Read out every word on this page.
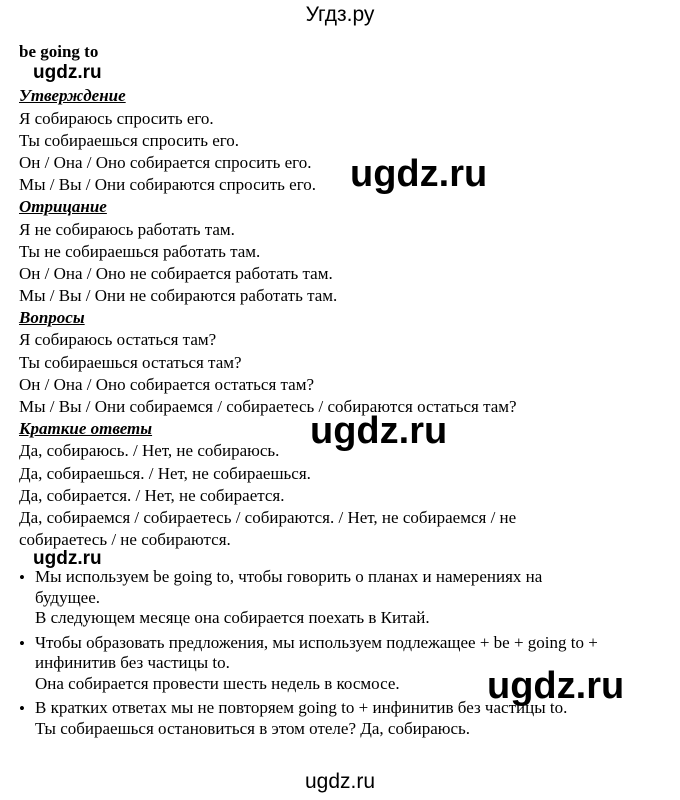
Угдз.ру
be going to
Утверждение
Я собираюсь спросить его.
Ты собираешься спросить его.
Он / Она / Оно собирается спросить его.
Мы / Вы / Они собираются спросить его.
Отрицание
Я не собираюсь работать там.
Ты не собираешься работать там.
Он / Она / Оно не собирается работать там.
Мы / Вы / Они не собираются работать там.
Вопросы
Я собираюсь остаться там?
Ты собираешься остаться там?
Он / Она / Оно собирается остаться там?
Мы / Вы / Они собираемся / собираетесь / собираются остаться там?
Краткие ответы
Да, собираюсь. / Нет, не собираюсь.
Да, собираешься. / Нет, не собираешься.
Да, собирается. / Нет, не собирается.
Да, собираемся / собираетесь / собираются. / Нет, не собираемся / не
собираетесь / не собираются.
• Мы используем be going to, чтобы говорить о планах и намерениях на
будущее.
В следующем месяце она собирается поехать в Китай.
• Чтобы образовать предложения, мы используем подлежащее + be + going to +
инфинитив без частицы to.
Она собирается провести шесть недель в космосе.
• В кратких ответах мы не повторяем going to + инфинитив без частицы to.
Ты собираешься остановиться в этом отеле? Да, собираюсь.
ugdz.ru
ugdz.ru
ugdz.ru
ugdz.ru
ugdz.ru
ugdz.ru
